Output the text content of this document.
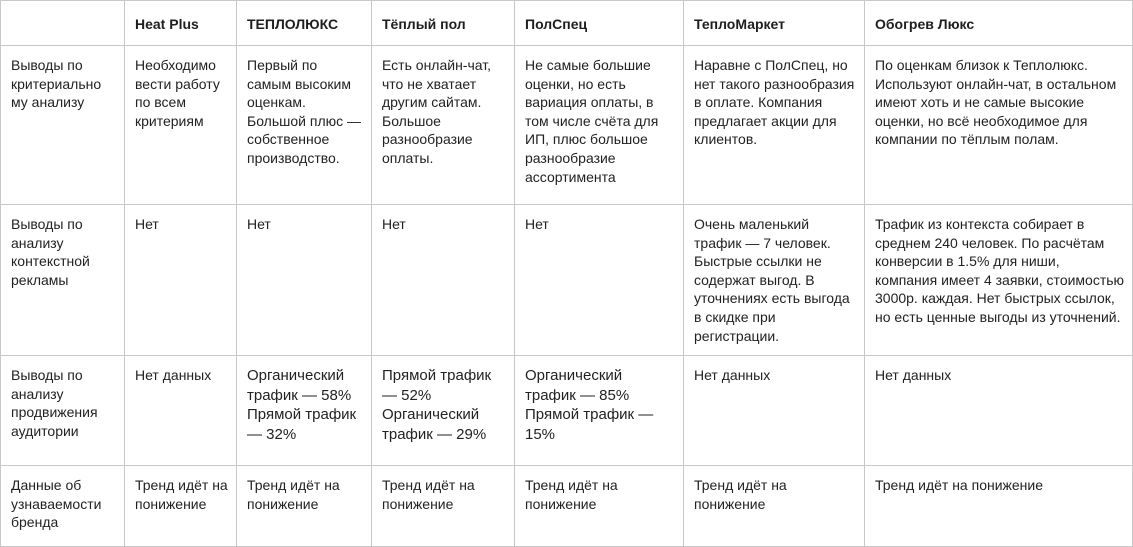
	Heat Plus	ТЕПЛОЛЮКС	Тёплый пол	ПолСпец	ТеплоМаркет	Обогрев Люкс

Выводы по критериально му анализу	Необходимо вести работу по всем критериям	Первый по самым высоким оценкам. Большой плюс — собственное производство.	Есть онлайн-чат, что не хватает другим сайтам. Большое разнообразие оплаты.	Не самые большие оценки, но есть вариация оплаты, в том числе счёта для ИП, плюс большое разнообразие ассортимента	Наравне с ПолСпец, но нет такого разнообразия в оплате. Компания предлагает акции для клиентов.	По оценкам близок к Теплолюкс. Используют онлайн-чат, в остальном имеют хоть и не самые высокие оценки, но всё необходимое для компании по тёплым полам.

Выводы по анализу контекстной рекламы	Нет	Нет	Нет	Нет	Очень маленький трафик — 7 человек. Быстрые ссылки не содержат выгод. В уточнениях есть выгода в скидке при регистрации.	Трафик из контекста собирает в среднем 240 человек. По расчётам конверсии в 1.5% для ниши, компания имеет 4 заявки, стоимостью 3000р. каждая. Нет быстрых ссылок, но есть ценные выгоды из уточнений.

Выводы по анализу продвижения аудитории	Нет данных	Органический трафик — 58%
Прямой трафик — 32%	Прямой трафик — 52%
Органический трафик — 29%	Органический трафик — 85%
Прямой трафик — 15%	Нет данных	Нет данных

Данные об узнаваемости бренда	Тренд идёт на понижение	Тренд идёт на понижение	Тренд идёт на понижение	Тренд идёт на понижение	Тренд идёт на понижение	Тренд идёт на понижение
